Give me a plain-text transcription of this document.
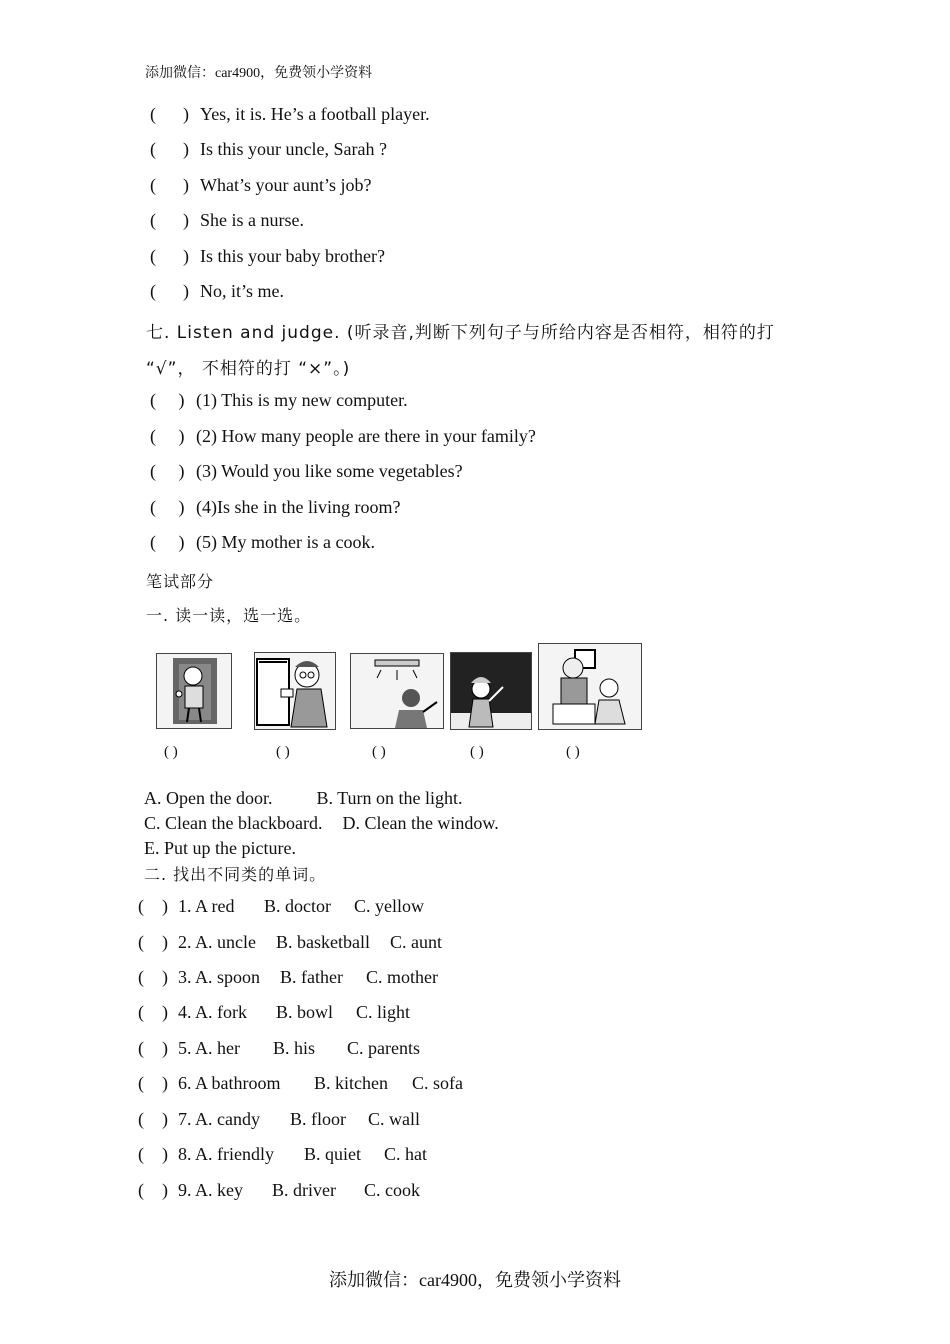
添加微信：car4900，免费领小学资料
(      ) Yes, it is. He’s a football player.
(      ) Is this your uncle, Sarah ?
(      ) What’s your aunt’s job?
(      ) She is a nurse.
(      ) Is this your baby brother?
(      ) No, it’s me.
七. Listen and judge. (听录音,判断下列句子与所给内容是否相符，相符的打
“√”， 不相符的打 “×”。)
(     ) (1) This is my new computer.
(     ) (2) How many people are there in your family?
(     ) (3) Would you like some vegetables?
(     ) (4)Is she in the living room?
(     ) (5) My mother is a cook.
笔试部分
一. 读一读，选一选。
( )	( )	( )	( )	( )
A. Open the door. B. Turn on the light.
C. Clean the blackboard. D. Clean the window.
E. Put up the picture.
二. 找出不同类的单词。
(    ) 1. A red B. doctor C. yellow
(    ) 2. A. uncle B. basketball C. aunt
(    ) 3. A. spoon B. father C. mother
(    ) 4. A. fork B. bowl C. light
(    ) 5. A. her B. his C. parents
(    ) 6. A bathroom B. kitchen C. sofa
(    ) 7. A. candy B. floor C. wall
(    ) 8. A. friendly B. quiet C. hat
(    ) 9. A. key B. driver C. cook
添加微信：car4900，免费领小学资料
